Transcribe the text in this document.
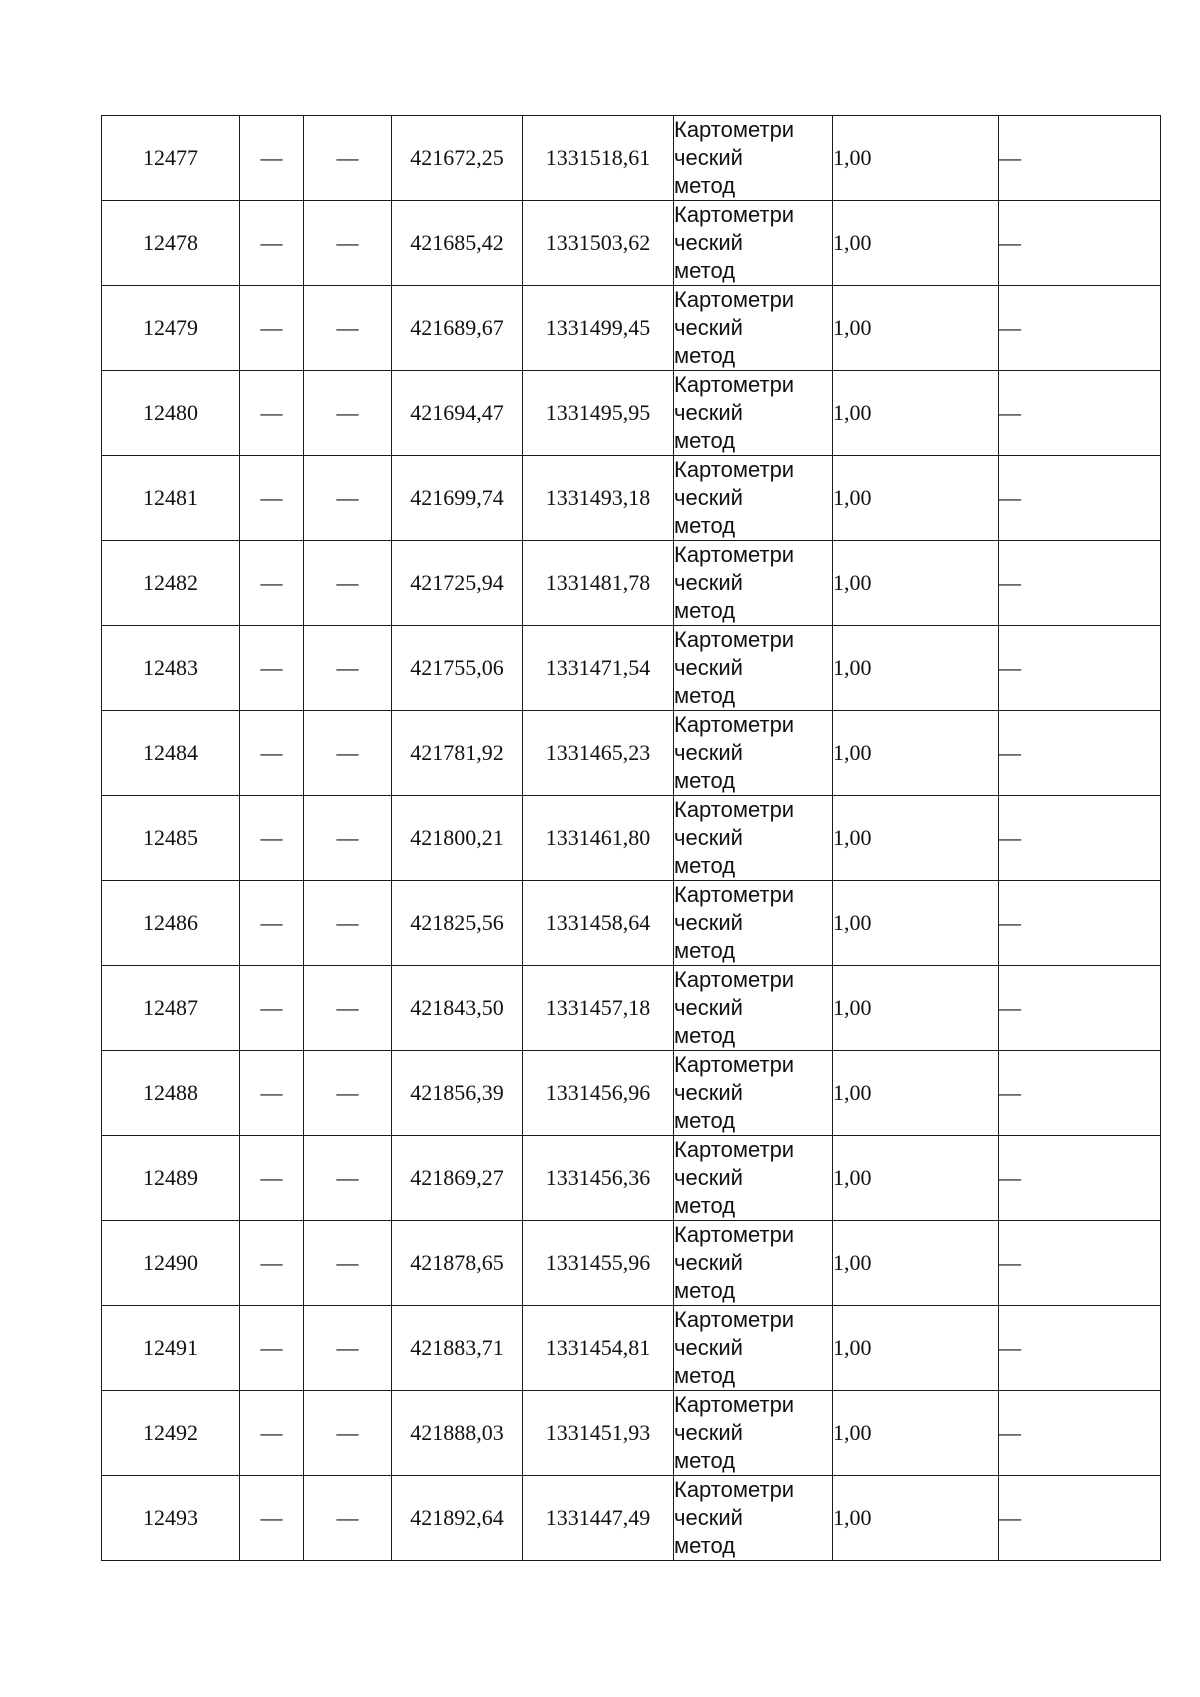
12477	—	—	421672,25	1331518,61	Картометри
ческий
метод	1,00	—
12478	—	—	421685,42	1331503,62	Картометри
ческий
метод	1,00	—
12479	—	—	421689,67	1331499,45	Картометри
ческий
метод	1,00	—
12480	—	—	421694,47	1331495,95	Картометри
ческий
метод	1,00	—
12481	—	—	421699,74	1331493,18	Картометри
ческий
метод	1,00	—
12482	—	—	421725,94	1331481,78	Картометри
ческий
метод	1,00	—
12483	—	—	421755,06	1331471,54	Картометри
ческий
метод	1,00	—
12484	—	—	421781,92	1331465,23	Картометри
ческий
метод	1,00	—
12485	—	—	421800,21	1331461,80	Картометри
ческий
метод	1,00	—
12486	—	—	421825,56	1331458,64	Картометри
ческий
метод	1,00	—
12487	—	—	421843,50	1331457,18	Картометри
ческий
метод	1,00	—
12488	—	—	421856,39	1331456,96	Картометри
ческий
метод	1,00	—
12489	—	—	421869,27	1331456,36	Картометри
ческий
метод	1,00	—
12490	—	—	421878,65	1331455,96	Картометри
ческий
метод	1,00	—
12491	—	—	421883,71	1331454,81	Картометри
ческий
метод	1,00	—
12492	—	—	421888,03	1331451,93	Картометри
ческий
метод	1,00	—
12493	—	—	421892,64	1331447,49	Картометри
ческий
метод	1,00	—
